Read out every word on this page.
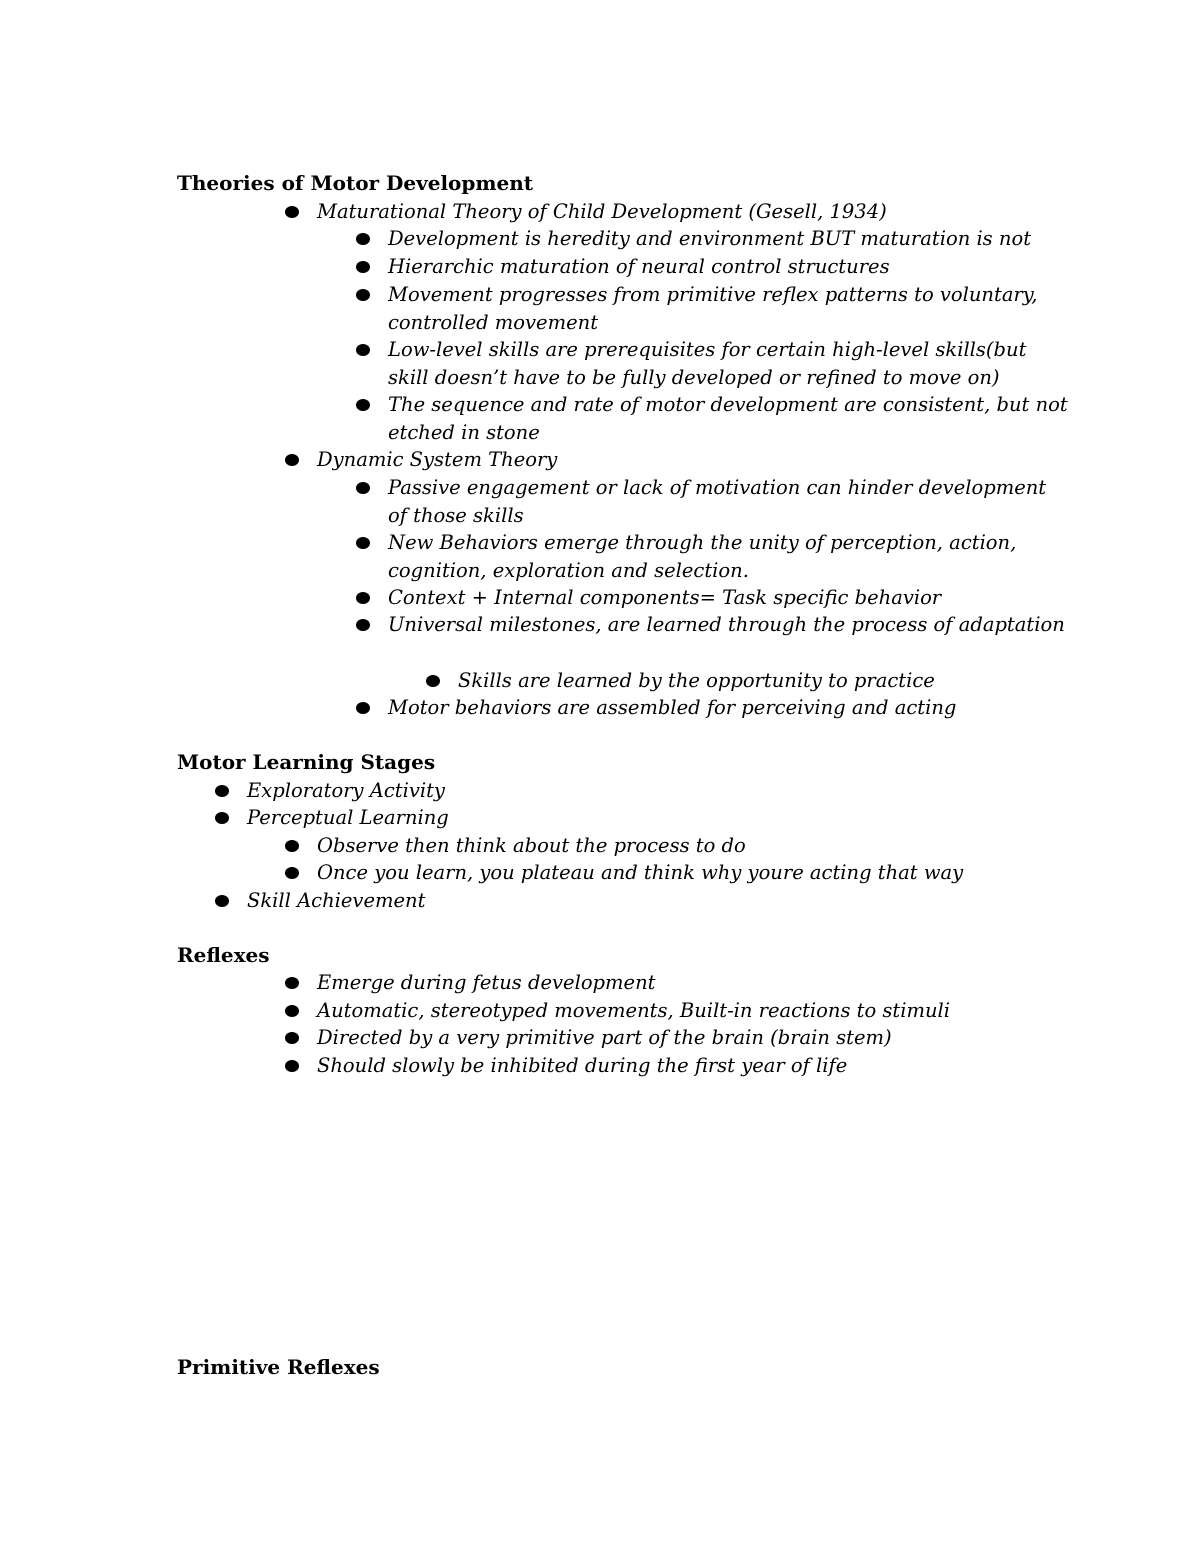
Theories of Motor Development
Maturational Theory of Child Development (Gesell, 1934)
Development is heredity and environment BUT maturation is not
Hierarchic maturation of neural control structures
Movement progresses from primitive reflex patterns to voluntary, controlled movement
Low-level skills are prerequisites for certain high-level skills(but skill doesn’t have to be fully developed or refined to move on)
The sequence and rate of motor development are consistent, but not etched in stone
Dynamic System Theory
Passive engagement or lack of motivation can hinder development of those skills
New Behaviors emerge through the unity of perception, action, cognition, exploration and selection.
Context + Internal components= Task specific behavior
Universal milestones, are learned through the process of adaptation
Skills are learned by the opportunity to practice
Motor behaviors are assembled for perceiving and acting
Motor Learning Stages
Exploratory Activity
Perceptual Learning
Observe then think about the process to do
Once you learn, you plateau and think why youre acting that way
Skill Achievement
Reflexes
Emerge during fetus development
Automatic, stereotyped movements, Built-in reactions to stimuli
Directed by a very primitive part of the brain (brain stem)
Should slowly be inhibited during the first year of life
Primitive Reflexes
